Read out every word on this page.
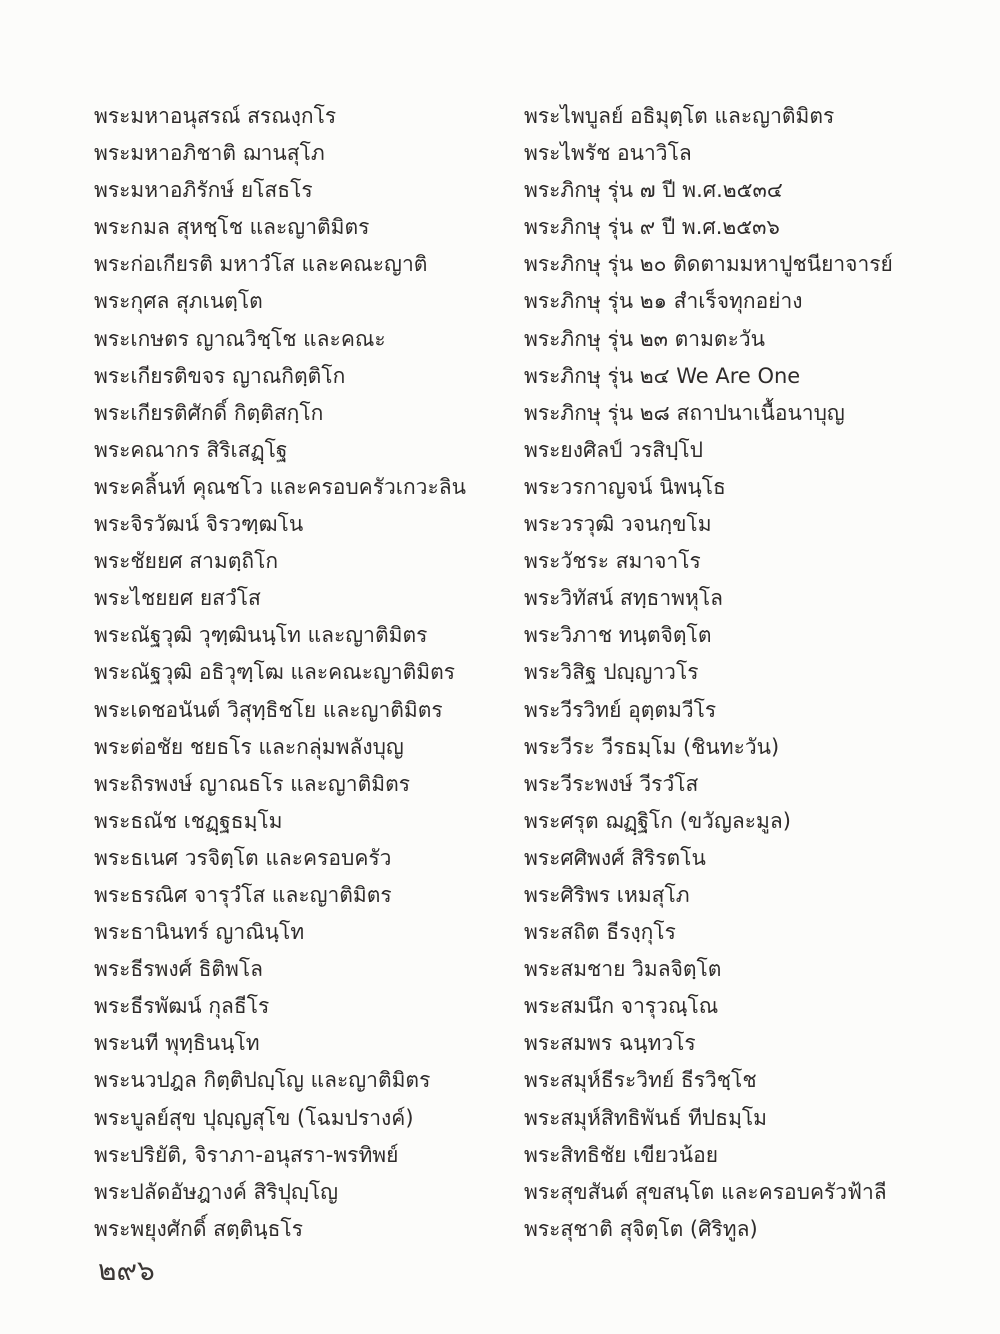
พระมหาอนุสรณ์ สรณงฺกโร
พระมหาอภิชาติ ฌานสุโภ
พระมหาอภิรักษ์ ยโสธโร
พระกมล สุหชฺโช และญาติมิตร
พระก่อเกียรติ มหาวํโส และคณะญาติ
พระกุศล สุภเนตฺโต
พระเกษตร ญาณวิชฺโช และคณะ
พระเกียรติขจร ญาณกิตฺติโก
พระเกียรติศักดิ์ กิตฺติสกฺโก
พระคณากร สิริเสฏฺโฐ
พระคลิ้นท์ คุณชโว และครอบครัวเกวะลิน
พระจิรวัฒน์ จิรวฑฺฒโน
พระชัยยศ สามตฺถิโก
พระไชยยศ ยสวํโส
พระณัฐวุฒิ วุฑฺฒินนฺโท และญาติมิตร
พระณัฐวุฒิ อธิวุฑฺโฒ และคณะญาติมิตร
พระเดชอนันต์ วิสุทฺธิชโย และญาติมิตร
พระต่อชัย ชยธโร และกลุ่มพลังบุญ
พระถิรพงษ์ ญาณธโร และญาติมิตร
พระธณัช เชฏฺฐธมฺโม
พระธเนศ วรจิตฺโต และครอบครัว
พระธรณิศ จารุวํโส และญาติมิตร
พระธานินทร์ ญาณินฺโท
พระธีรพงศ์ ธิติพโล
พระธีรพัฒน์ กุลธีโร
พระนที พุทฺธินนฺโท
พระนวปฎล กิตฺติปญฺโญ และญาติมิตร
พระบูลย์สุข ปุญฺญสุโข (โฉมปรางค์)
พระปริยัติ, จิราภา-อนุสรา-พรทิพย์
พระปลัดอัษฎางค์ สิริปุญฺโญ
พระพยุงศักดิ์ สตฺตินฺธโร
พระไพบูลย์ อธิมุตฺโต และญาติมิตร
พระไพรัช อนาวิโล
พระภิกษุ รุ่น ๗ ปี พ.ศ.๒๕๓๔
พระภิกษุ รุ่น ๙ ปี พ.ศ.๒๕๓๖
พระภิกษุ รุ่น ๒๐ ติดตามมหาปูชนียาจารย์
พระภิกษุ รุ่น ๒๑ สำเร็จทุกอย่าง
พระภิกษุ รุ่น ๒๓ ตามตะวัน
พระภิกษุ รุ่น ๒๔ We Are One
พระภิกษุ รุ่น ๒๘ สถาปนาเนื้อนาบุญ
พระยงศิลป์ วรสิปฺโป
พระวรกาญจน์ นิพนฺโธ
พระวรวุฒิ วจนกฺขโม
พระวัชระ สมาจาโร
พระวิทัสน์ สทฺธาพหุโล
พระวิภาช ทนฺตจิตฺโต
พระวิสิฐ ปญฺญาวโร
พระวีรวิทย์ อุตฺตมวีโร
พระวีระ วีรธมฺโม (ชินทะวัน)
พระวีระพงษ์ วีรวํโส
พระศรุต ฌฏฺฐิโก (ขวัญละมูล)
พระศศิพงศ์ สิริรตโน
พระศิริพร เหมสุโภ
พระสถิต ธีรงฺกุโร
พระสมชาย วิมลจิตฺโต
พระสมนึก จารุวณฺโณ
พระสมพร ฉนฺทวโร
พระสมุห์ธีระวิทย์ ธีรวิชฺโช
พระสมุห์สิทธิพันธ์ ทีปธมฺโม
พระสิทธิชัย เขียวน้อย
พระสุขสันต์ สุขสนฺโต และครอบครัวฟ้าลี
พระสุชาติ สุจิตฺโต (ศิริทูล)
๒๙๖
